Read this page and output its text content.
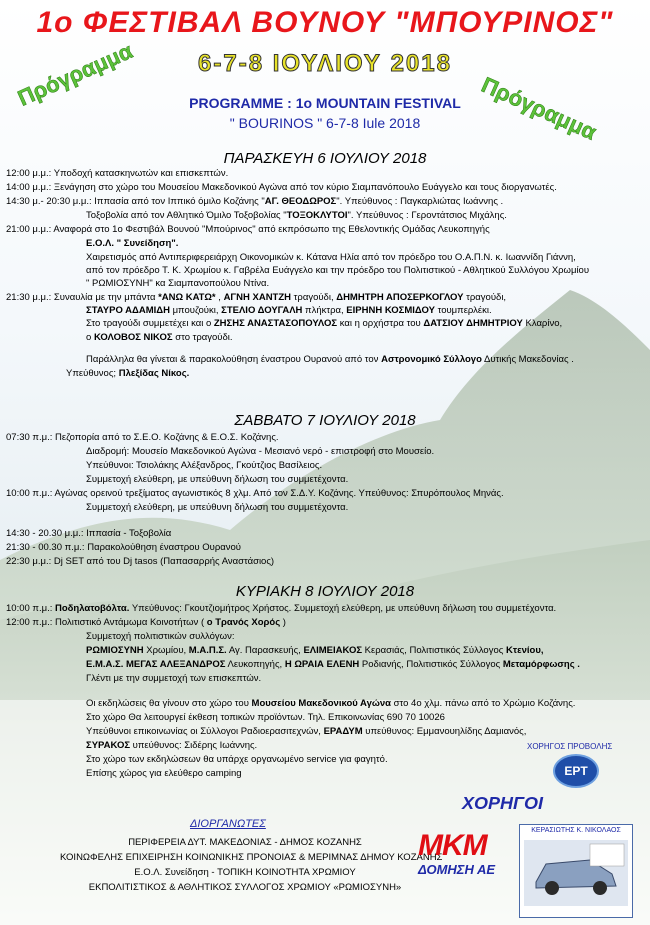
1ο ΦΕΣΤΙΒΑΛ ΒΟΥΝΟΥ "ΜΠΟΥΡΙΝΟΣ"
6-7-8 ΙΟΥΛΙΟΥ 2018
Πρόγραμμα	Πρόγραμμα
PROGRAMME : 1o MOUNTAIN FESTIVAL
" BOURINOS " 6-7-8 Iule 2018
ΠΑΡΑΣΚΕΥΗ 6 ΙΟΥΛΙΟΥ 2018
12:00 μ.μ.: Υποδοχή κατασκηνωτών και επισκεπτών.
14:00 μ.μ.: Ξενάγηση στο χώρο του Μουσείου Μακεδονικού Αγώνα από τον κύριο Σιαμπανόπουλο Ευάγγελο και τους διοργανωτές.
14:30 μ.- 20:30 μ.μ.: Ιππασία από τον Ιππικό όμιλο Κοζάνης "ΑΓ. ΘΕΟΔΩΡΟΣ". Υπεύθυνος : Παγκαρλιώτας Ιωάννης .
Τοξοβολία από τον Αθλητικό Όμιλο Τοξοβολίας "ΤΟΞΟΚΛΥΤΟΙ". Υπεύθυνος : Γεροντάτσιος Μιχάλης.
21:00 μ.μ.: Αναφορά στο 1ο Φεστιβάλ Βουνού "Μπούρινος" από εκπρόσωπο της Εθελοντικής Ομάδας Λευκοπηγής
Ε.Ο.Λ. " Συνείδηση".
Χαιρετισμός από Αντιπεριφερειάρχη Οικονομικών κ. Κάτανα Ηλία από τον πρόεδρο του Ο.Α.Π.Ν. κ. Ιωαννίδη Γιάννη,
από τον πρόεδρο Τ. Κ. Χρωμίου κ. Γαβρέλα Ευάγγελο και την πρόεδρο του Πολιτιστικού - Αθλητικού Συλλόγου Χρωμίου
" ΡΩΜΙΟΣΥΝΗ" κα Σιαμπανοπούλου Ντίνα.
21:30 μ.μ.: Συναυλία με την μπάντα *ΑΝΩ ΚΑΤΩ* , ΑΓΝΗ ΧΑΝΤΖΗ τραγούδι, ΔΗΜΗΤΡΗ ΑΠΟΣΕΡΚΟΓΛΟΥ τραγούδι,
ΣΤΑΥΡΟ ΑΔΑΜΙΔΗ μπουζούκι, ΣΤΕΛΙΟ ΔΟΥΓΑΛΗ πλήκτρα, ΕΙΡΗΝΗ ΚΟΣΜΙΔΟΥ τουμπερλέκι.
Στο τραγούδι συμμετέχει και ο ΖΗΣΗΣ ΑΝΑΣΤΑΣΟΠΟΥΛΟΣ και η ορχήστρα του ΔΑΤΣΙΟΥ ΔΗΜΗΤΡΙΟΥ Κλαρίνο,
ο ΚΟΛΟΒΟΣ ΝΙΚΟΣ στο τραγούδι.
Παράλληλα θα γίνεται & παρακολούθηση έναστρου Ουρανού από τον Αστρονομικό Σύλλογο Δυτικής Μακεδονίας .
Υπεύθυνος; Πλεξίδας Νίκος.
ΣΑΒΒΑΤΟ 7 ΙΟΥΛΙΟΥ 2018
07:30 π.μ.: Πεζοπορία από το Σ.Ε.Ο. Κοζάνης & Ε.Ο.Σ. Κοζάνης.
Διαδρομή: Μουσείο Μακεδονικού Αγώνα - Μεσιανό νερό - επιστροφή στο Μουσείο.
Υπεύθυνοι: Τσιολάκης Αλέξανδρος, Γκούτζιος Βασίλειος.
Συμμετοχή ελεύθερη, με υπεύθυνη δήλωση του συμμετέχοντα.
10:00 π.μ.: Αγώνας ορεινού τρεξίματος αγωνιστικός 8 χλμ. Από τον Σ.Δ.Υ. Κοζάνης. Υπεύθυνος: Σπυρόπουλος Μηνάς.
Συμμετοχή ελεύθερη, με υπεύθυνη δήλωση του συμμετέχοντα.
14:30 - 20.30 μ.μ.: Ιππασία - Τοξοβολία
21:30 - 00.30 π.μ.: Παρακολούθηση έναστρου Ουρανού
22:30 μ.μ.: Dj SET από του Dj tasos (Παπασαρρής Αναστάσιος)
ΚΥΡΙΑΚΗ 8 ΙΟΥΛΙΟΥ 2018
10:00 π.μ.: Ποδηλατοβόλτα. Υπεύθυνος: Γκουτζιομήτρος Χρήστος. Συμμετοχή ελεύθερη, με υπεύθυνη δήλωση του συμμετέχοντα.
12:00 π.μ.: Πολιτιστικό Αντάμωμα Κοινοτήτων ( ο Τρανός Χορός )
Συμμετοχή πολιτιστικών συλλόγων:
ΡΩΜΙΟΣΥΝΗ Χρωμίου, Μ.Α.Π.Σ. Αγ. Παρασκευής, ΕΛΙΜΕΙΑΚΟΣ Κερασιάς, Πολιτιστικός Σύλλογος Κτενίου,
Ε.Μ.Α.Σ. ΜΕΓΑΣ ΑΛΕΞΑΝΔΡΟΣ Λευκοπηγής, Η ΩΡΑΙΑ ΕΛΕΝΗ Ροδιανής, Πολιτιστικός Σύλλογος Μεταμόρφωσης .
Γλέντι με την συμμετοχή των επισκεπτών.
Οι εκδηλώσεις θα γίνουν στο χώρο του Μουσείου Μακεδονικού Αγώνα στο 4ο χλμ. πάνω από το Χρώμιο Κοζάνης.
Στο χώρο Θα λειτουργεί έκθεση τοπικών προϊόντων. Τηλ. Επικοινωνίας 690 70 10026
Υπεύθυνοι επικοινωνίας οι Σύλλογοι Ραδιοερασιτεχνών, ΕΡΑΔΥΜ υπεύθυνος: Εμμανουηλίδης Δαμιανός,
ΣΥΡΑΚΟΣ υπεύθυνος: Σιδέρης Ιωάννης.
Στο χώρο των εκδηλώσεων θα υπάρχε οργανωμένο service για φαγητό.
Επίσης χώρος για ελεύθερο camping
ΧΟΡΗΓΟΣ ΠΡΟΒΟΛΗΣ
ΕΡΤ
ΧΟΡΗΓΟΙ
ΔΙΟΡΓΑΝΩΤΕΣ
ΠΕΡΙΦΕΡΕΙΑ ΔΥΤ. ΜΑΚΕΔΟΝΙΑΣ - ΔΗΜΟΣ ΚΟΖΑΝΗΣ
ΚΟΙΝΩΦΕΛΗΣ ΕΠΙΧΕΙΡΗΣΗ ΚΟΙΝΩΝΙΚΗΣ ΠΡΟΝΟΙΑΣ & ΜΕΡΙΜΝΑΣ ΔΗΜΟΥ ΚΟΖΑΝΗΣ
Ε.Ο.Λ. Συνείδηση - ΤΟΠΙΚΗ ΚΟΙΝΟΤΗΤΑ ΧΡΩΜΙΟΥ
ΕΚΠΟΛΙΤΙΣΤΙΚΟΣ & ΑΘΛΗΤΙΚΟΣ ΣΥΛΛΟΓΟΣ ΧΡΩΜΙΟΥ «ΡΩΜΙΟΣΥΝΗ»
ΜΚΜ
ΔΟΜΗΣΗ ΑΕ
ΚΕΡΑΣΙΩΤΗΣ Κ. ΝΙΚΟΛΑΟΣ
